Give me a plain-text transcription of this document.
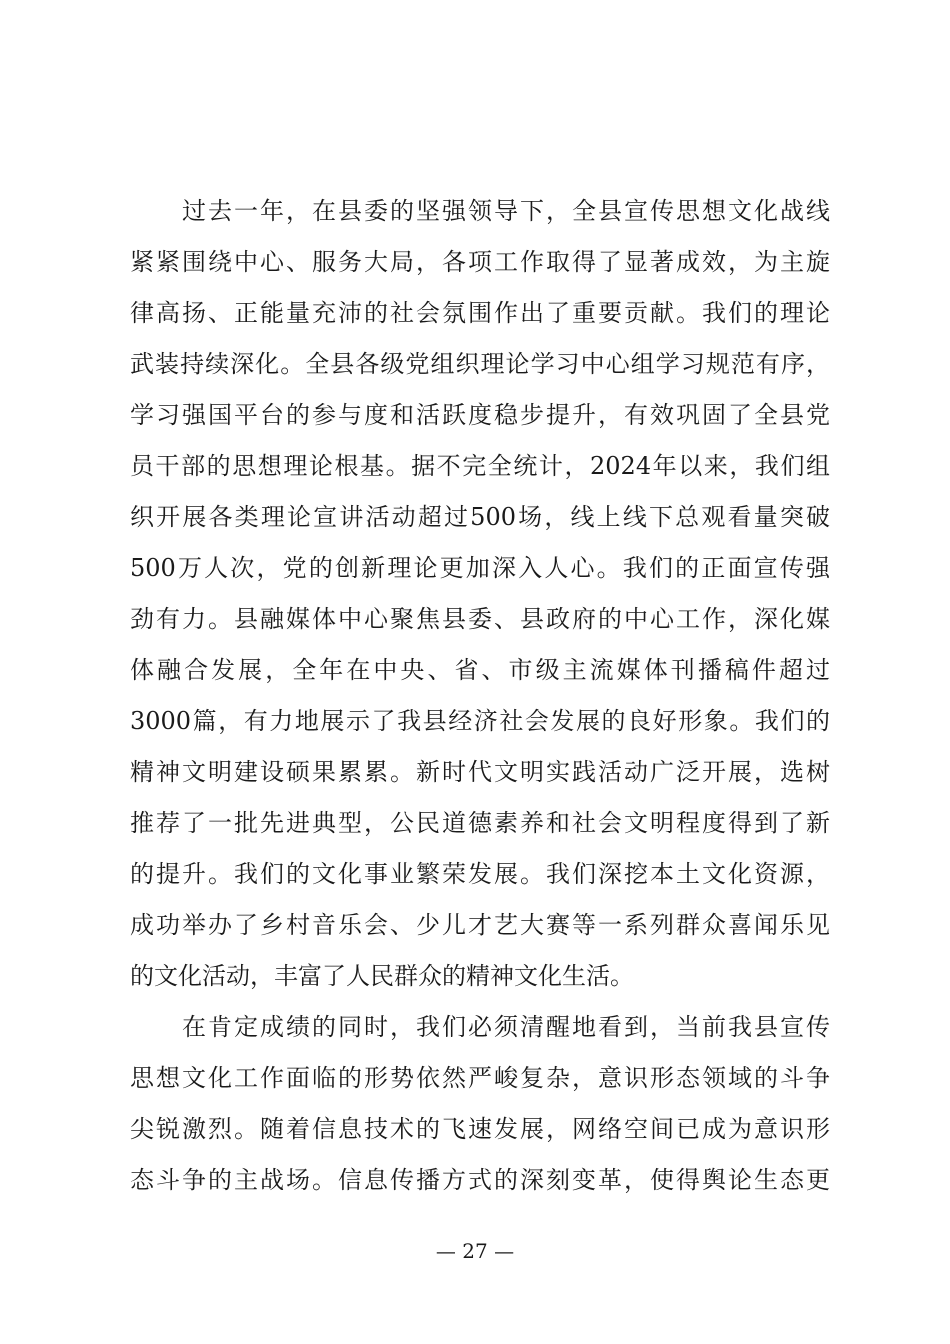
　　过去一年，在县委的坚强领导下，全县宣传思想文化战线
紧紧围绕中心、服务大局，各项工作取得了显著成效，为主旋
律高扬、正能量充沛的社会氛围作出了重要贡献。我们的理论
武装持续深化。全县各级党组织理论学习中心组学习规范有序，
学习强国平台的参与度和活跃度稳步提升，有效巩固了全县党
员干部的思想理论根基。据不完全统计，2024年以来，我们组
织开展各类理论宣讲活动超过500场，线上线下总观看量突破
500万人次，党的创新理论更加深入人心。我们的正面宣传强
劲有力。县融媒体中心聚焦县委、县政府的中心工作，深化媒
体融合发展，全年在中央、省、市级主流媒体刊播稿件超过
3000篇，有力地展示了我县经济社会发展的良好形象。我们的
精神文明建设硕果累累。新时代文明实践活动广泛开展，选树
推荐了一批先进典型，公民道德素养和社会文明程度得到了新
的提升。我们的文化事业繁荣发展。我们深挖本土文化资源，
成功举办了乡村音乐会、少儿才艺大赛等一系列群众喜闻乐见
的文化活动，丰富了人民群众的精神文化生活。
　　在肯定成绩的同时，我们必须清醒地看到，当前我县宣传
思想文化工作面临的形势依然严峻复杂，意识形态领域的斗争
尖锐激烈。随着信息技术的飞速发展，网络空间已成为意识形
态斗争的主战场。信息传播方式的深刻变革，使得舆论生态更
— 27 —
